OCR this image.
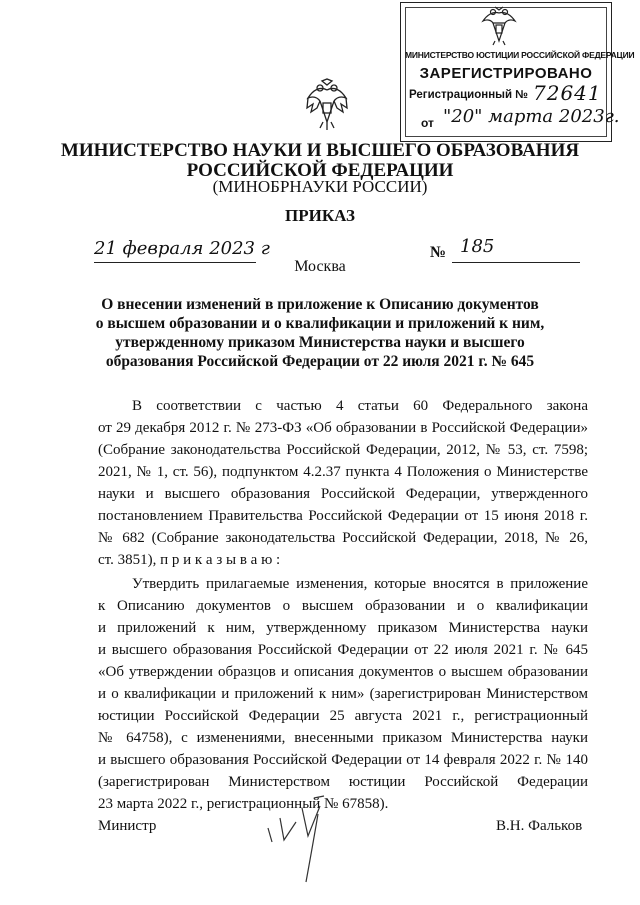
МИНИСТЕРСТВО ЮСТИЦИИ РОССИЙСКОЙ ФЕДЕРАЦИИ
ЗАРЕГИСТРИРОВАНО
Регистрационный № 72641
от "20" марта 2023г.
МИНИСТЕРСТВО НАУКИ И ВЫСШЕГО ОБРАЗОВАНИЯ
РОССИЙСКОЙ ФЕДЕРАЦИИ
(МИНОБРНАУКИ РОССИИ)
ПРИКАЗ
21 февраля 2023 г	№ 185
Москва
О внесении изменений в приложение к Описанию документов
о высшем образовании и о квалификации и приложений к ним,
утвержденному приказом Министерства науки и высшего
образования Российской Федерации от 22 июля 2021 г. № 645
В соответствии с частью 4 статьи 60 Федерального закона
от 29 декабря 2012 г. № 273-ФЗ «Об образовании в Российской Федерации»
(Собрание законодательства Российской Федерации, 2012, № 53, ст. 7598;
2021, № 1, ст. 56), подпунктом 4.2.37 пункта 4 Положения о Министерстве
науки и высшего образования Российской Федерации, утвержденного
постановлением Правительства Российской Федерации от 15 июня 2018 г.
№ 682 (Собрание законодательства Российской Федерации, 2018, № 26,
ст. 3851), п р и к а з ы в а ю :
Утвердить прилагаемые изменения, которые вносятся в приложение
к Описанию документов о высшем образовании и о квалификации
и приложений к ним, утвержденному приказом Министерства науки
и высшего образования Российской Федерации от 22 июля 2021 г. № 645
«Об утверждении образцов и описания документов о высшем образовании
и о квалификации и приложений к ним» (зарегистрирован Министерством
юстиции Российской Федерации 25 августа 2021 г., регистрационный
№ 64758), с изменениями, внесенными приказом Министерства науки
и высшего образования Российской Федерации от 14 февраля 2022 г. № 140
(зарегистрирован Министерством юстиции Российской Федерации
23 марта 2022 г., регистрационный № 67858).
Министр	В.Н. Фальков
